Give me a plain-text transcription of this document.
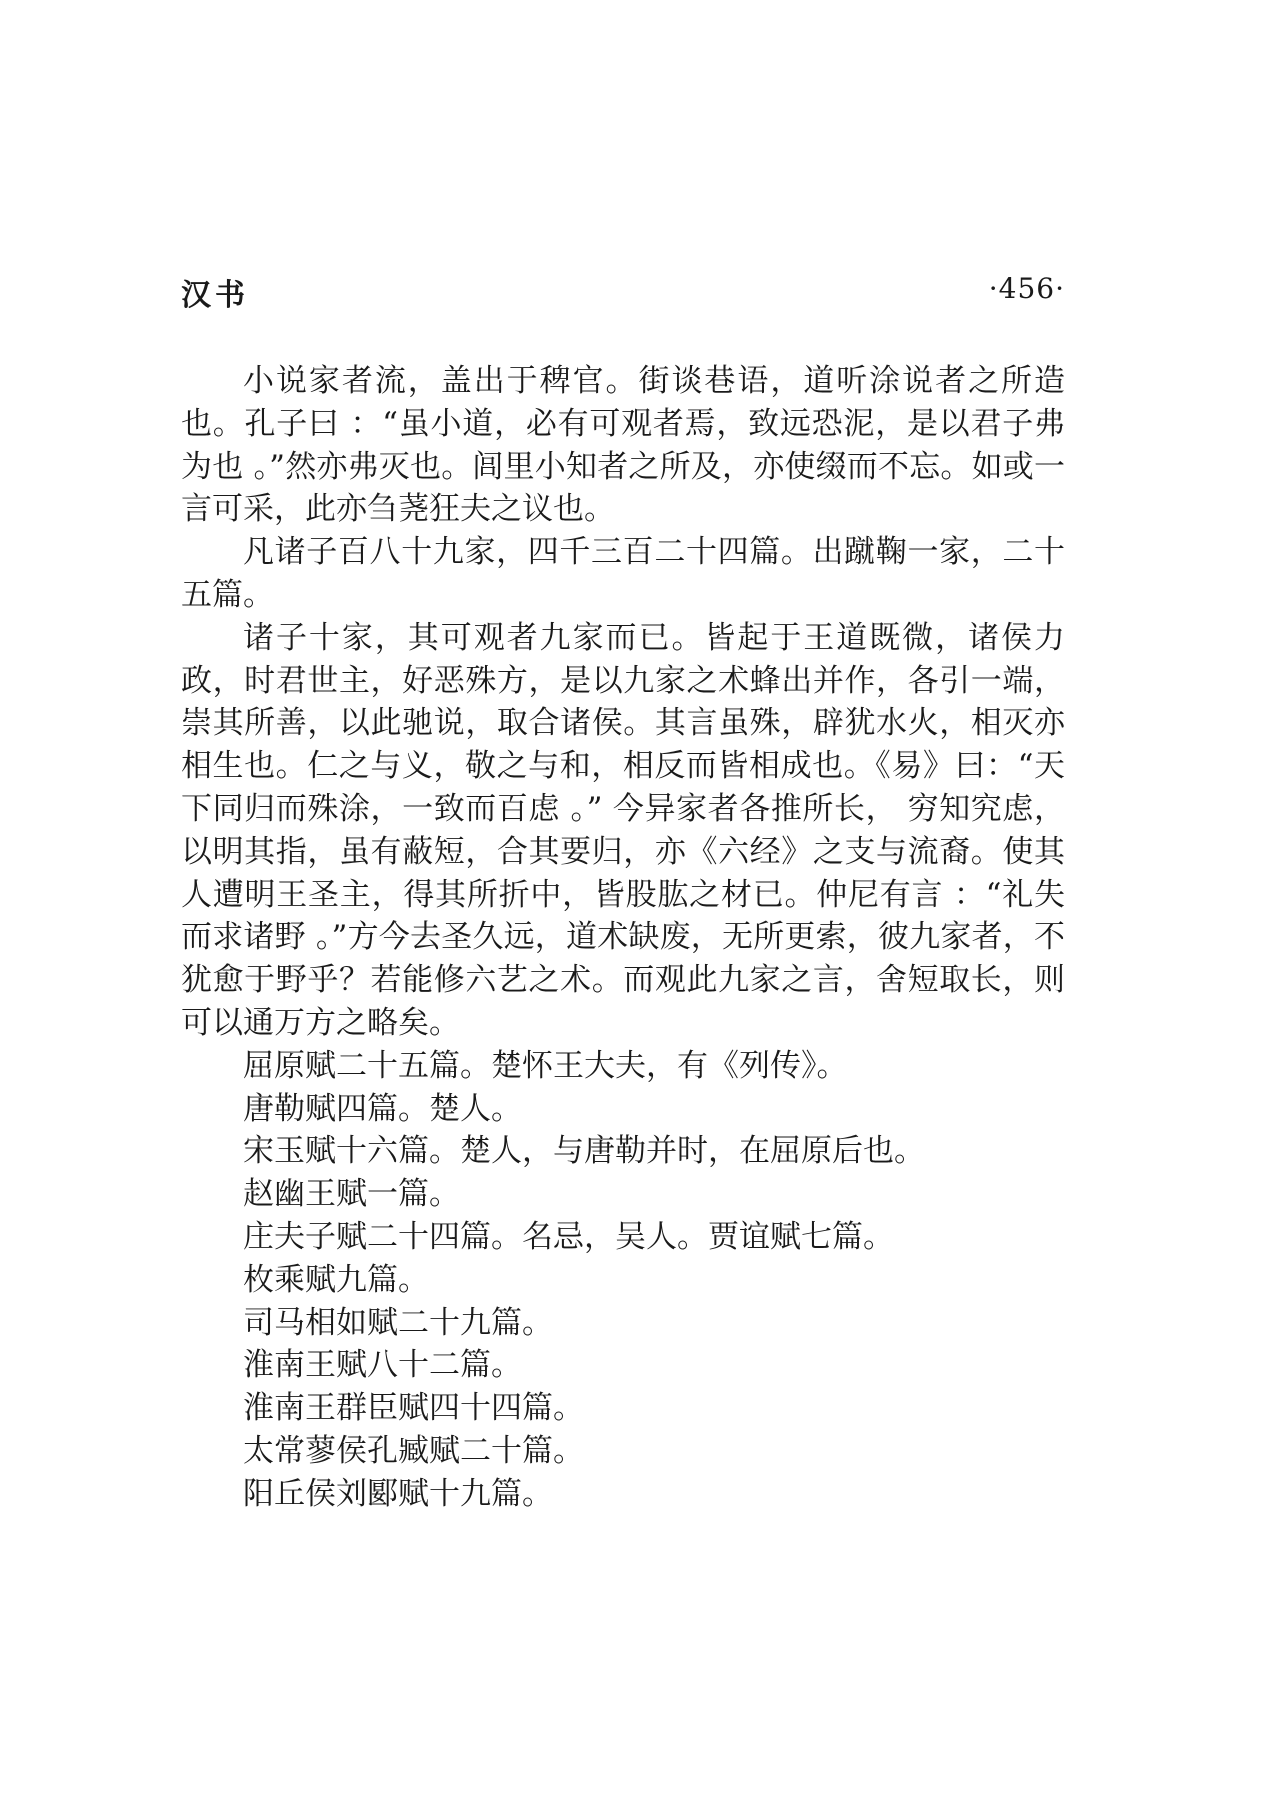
汉书	·456·

小说家者流，盖出于稗官。街谈巷语，道听涂说者之所造也。孔子曰 ：“虽小道，必有可观者焉，致远恐泥，是以君子弗为也 。”然亦弗灭也。闾里小知者之所及，亦使缀而不忘。如或一言可采，此亦刍荛狂夫之议也。

凡诸子百八十九家，四千三百二十四篇。出蹴鞠一家，二十五篇。

诸子十家，其可观者九家而已。皆起于王道既微，诸侯力政，时君世主，好恶殊方，是以九家之术蜂出并作，各引一端，崇其所善，以此驰说，取合诸侯。其言虽殊，辟犹水火，相灭亦相生也。仁之与义，敬之与和，相反而皆相成也。《易》曰：“天下同归而殊涂，一致而百虑 。” 今异家者各推所长， 穷知究虑，以明其指，虽有蔽短，合其要归，亦《六经》之支与流裔。使其人遭明王圣主，得其所折中，皆股肱之材已。仲尼有言 ：“礼失而求诸野 。”方今去圣久远，道术缺废，无所更索，彼九家者，不犹愈于野乎？若能修六艺之术。而观此九家之言，舍短取长，则可以通万方之略矣。

屈原赋二十五篇。楚怀王大夫，有《列传》。

唐勒赋四篇。楚人。

宋玉赋十六篇。楚人，与唐勒并时，在屈原后也。

赵幽王赋一篇。

庄夫子赋二十四篇。名忌，吴人。贾谊赋七篇。

枚乘赋九篇。

司马相如赋二十九篇。

淮南王赋八十二篇。

淮南王群臣赋四十四篇。

太常蓼侯孔臧赋二十篇。

阳丘侯刘郾赋十九篇。
